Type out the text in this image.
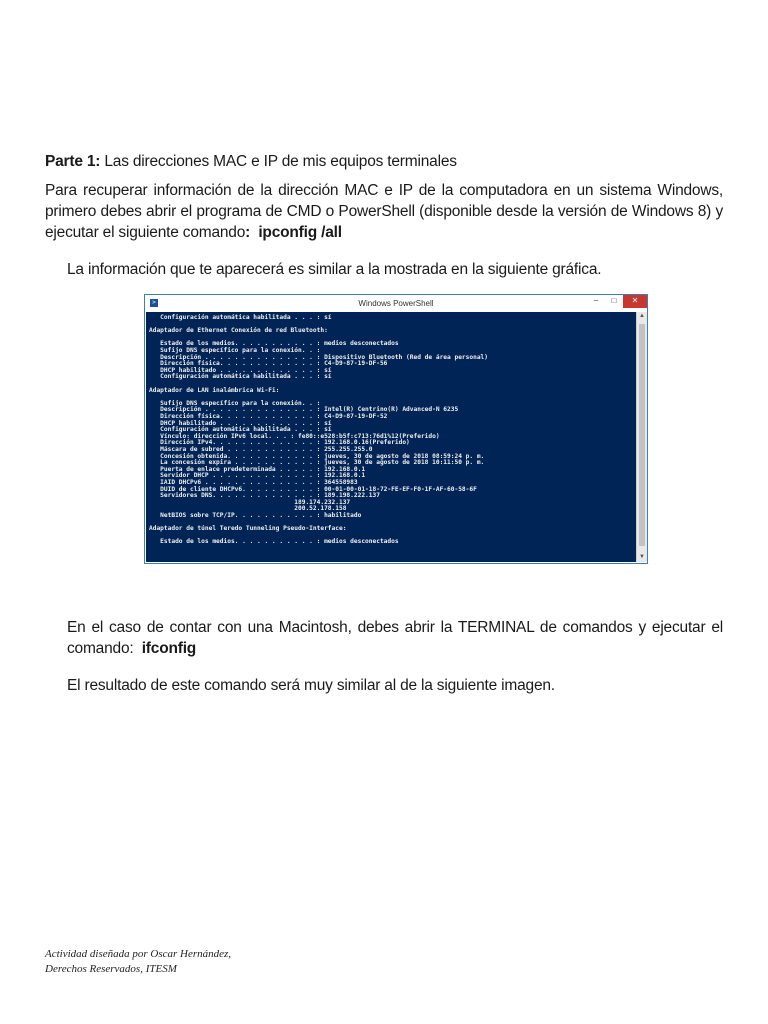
Parte 1: Las direcciones MAC e IP de mis equipos terminales

Para recuperar información de la dirección MAC e IP de la computadora en un sistema Windows, primero debes abrir el programa de CMD o PowerShell (disponible desde la versión de Windows 8) y ejecutar el siguiente comando: ipconfig /all

La información que te aparecerá es similar a la mostrada en la siguiente gráfica.

>	Windows PowerShell	–	□	✕
Configuración automática habilitada . . . : sí
Adaptador de Ethernet Conexión de red Bluetooth:
Estado de los medios. . . . . . . . . . . : medios desconectados
Sufijo DNS específico para la conexión. . :
Descripción . . . . . . . . . . . . . . . : Dispositivo Bluetooth (Red de área personal)
Dirección física. . . . . . . . . . . . . : C4-D9-87-19-DF-56
DHCP habilitado . . . . . . . . . . . . . : sí
Configuración automática habilitada . . . : sí
Adaptador de LAN inalámbrica Wi-Fi:
Sufijo DNS específico para la conexión. . :
Descripción . . . . . . . . . . . . . . . : Intel(R) Centrino(R) Advanced-N 6235
Dirección física. . . . . . . . . . . . . : C4-D9-87-19-DF-52
DHCP habilitado . . . . . . . . . . . . . : sí
Configuración automática habilitada . . . : sí
Vínculo: dirección IPv6 local. . . : fe80::e528:b5f:c713:76d1%12(Preferido)
Dirección IPv4. . . . . . . . . . . . . . : 192.168.0.16(Preferido)
Máscara de subred . . . . . . . . . . . . : 255.255.255.0
Concesión obtenida. . . . . . . . . . . . : jueves, 30 de agosto de 2018 08:59:24 p. m.
La concesión expira . . . . . . . . . . . : jueves, 30 de agosto de 2018 10:11:50 p. m.
Puerta de enlace predeterminada . . . . . : 192.168.0.1
Servidor DHCP . . . . . . . . . . . . . . : 192.168.0.1
IAID DHCPv6 . . . . . . . . . . . . . . . : 364558983
DUID de cliente DHCPv6. . . . . . . . . . : 00-01-00-01-18-72-FE-EF-F0-1F-AF-60-58-6F
Servidores DNS. . . . . . . . . . . . . . : 189.198.222.137
189.174.232.137
200.52.178.158
NetBIOS sobre TCP/IP. . . . . . . . . . . : habilitado
Adaptador de túnel Teredo Tunneling Pseudo-Interface:
Estado de los medios. . . . . . . . . . . : medios desconectados
▲
▼

En el caso de contar con una Macintosh, debes abrir la TERMINAL de comandos y ejecutar el comando: ifconfig

El resultado de este comando será muy similar al de la siguiente imagen.

Actividad diseñada por Oscar Hernández,
Derechos Reservados, ITESM
